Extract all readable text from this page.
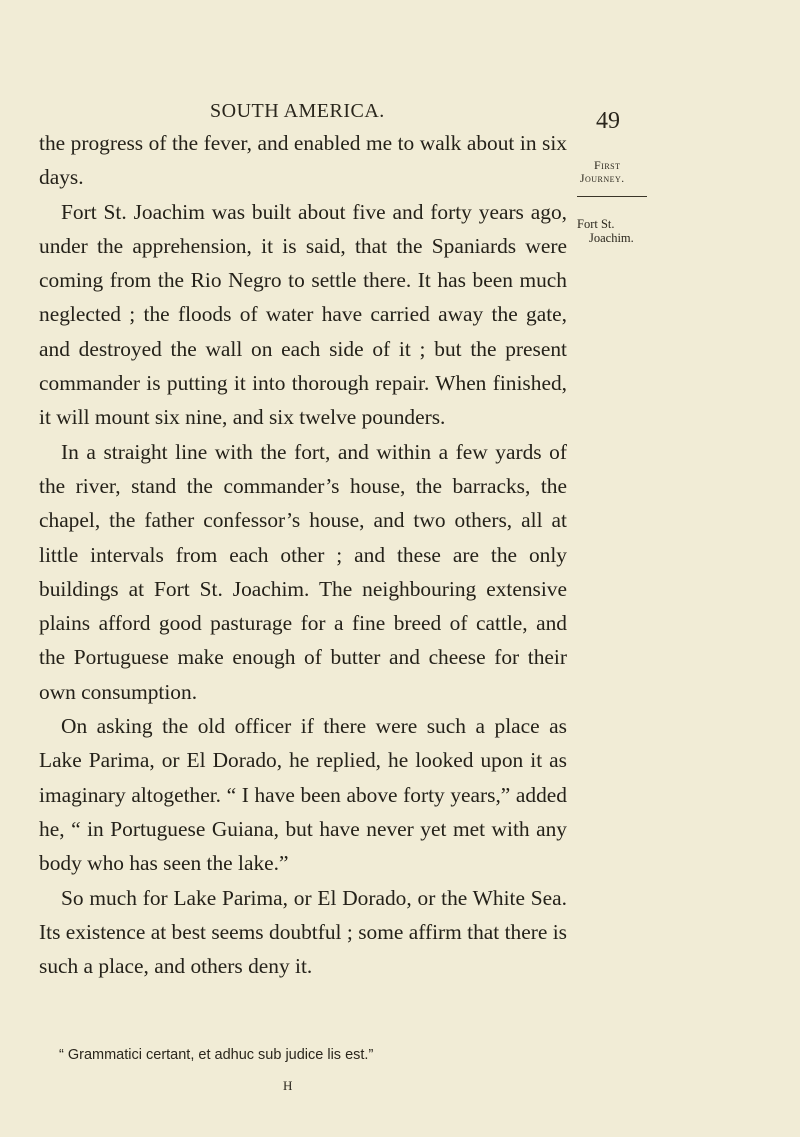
SOUTH AMERICA.	49
First
Journey.
Fort St.
Joachim.

the progress of the fever, and enabled me to walk about in six days.

Fort St. Joachim was built about five and forty years ago, under the apprehension, it is said, that the Spaniards were coming from the Rio Negro to settle there. It has been much neglected ; the floods of water have carried away the gate, and destroyed the wall on each side of it ; but the present commander is putting it into thorough repair. When finished, it will mount six nine, and six twelve pounders.

In a straight line with the fort, and within a few yards of the river, stand the commander’s house, the barracks, the chapel, the father confessor’s house, and two others, all at little intervals from each other ; and these are the only buildings at Fort St. Joachim. The neighbouring extensive plains afford good pasturage for a fine breed of cattle, and the Portuguese make enough of butter and cheese for their own consumption.

On asking the old officer if there were such a place as Lake Parima, or El Dorado, he replied, he looked upon it as imaginary altogether. “ I have been above forty years,” added he, “ in Portuguese Guiana, but have never yet met with any body who has seen the lake.”

So much for Lake Parima, or El Dorado, or the White Sea. Its existence at best seems doubtful ; some affirm that there is such a place, and others deny it.

“ Grammatici certant, et adhuc sub judice lis est.”
H
